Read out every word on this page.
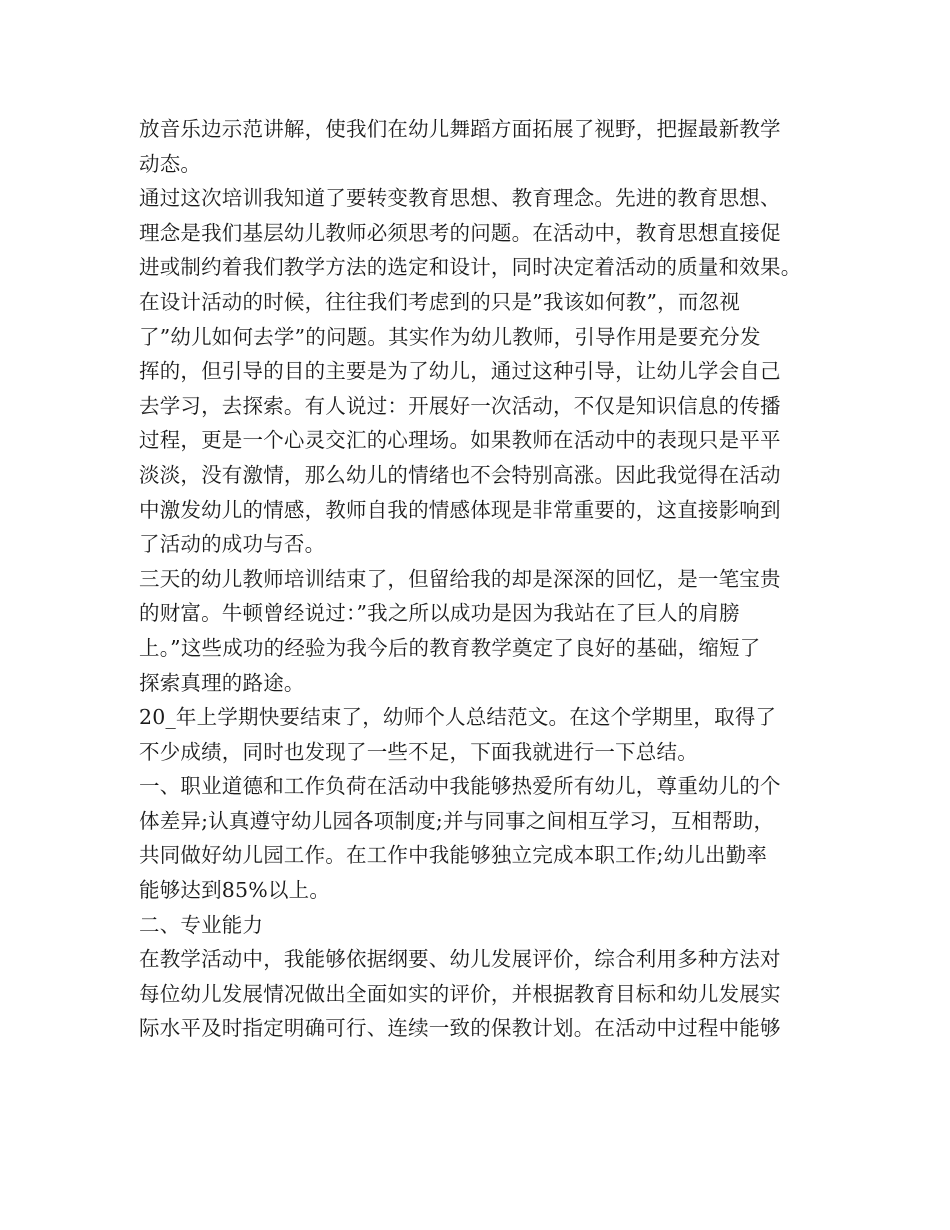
放音乐边示范讲解，使我们在幼儿舞蹈方面拓展了视野，把握最新教学
动态。
通过这次培训我知道了要转变教育思想、教育理念。先进的教育思想、
理念是我们基层幼儿教师必须思考的问题。在活动中，教育思想直接促
进或制约着我们教学方法的选定和设计，同时决定着活动的质量和效果。
在设计活动的时候，往往我们考虑到的只是”我该如何教”，而忽视
了”幼儿如何去学”的问题。其实作为幼儿教师，引导作用是要充分发
挥的，但引导的目的主要是为了幼儿，通过这种引导，让幼儿学会自己
去学习，去探索。有人说过：开展好一次活动，不仅是知识信息的传播
过程，更是一个心灵交汇的心理场。如果教师在活动中的表现只是平平
淡淡，没有激情，那么幼儿的情绪也不会特别高涨。因此我觉得在活动
中激发幼儿的情感，教师自我的情感体现是非常重要的，这直接影响到
了活动的成功与否。
三天的幼儿教师培训结束了，但留给我的却是深深的回忆，是一笔宝贵
的财富。牛顿曾经说过：”我之所以成功是因为我站在了巨人的肩膀
上。”这些成功的经验为我今后的教育教学奠定了良好的基础，缩短了
探索真理的路途。
20_年上学期快要结束了，幼师个人总结范文。在这个学期里，取得了
不少成绩，同时也发现了一些不足，下面我就进行一下总结。
一、职业道德和工作负荷在活动中我能够热爱所有幼儿，尊重幼儿的个
体差异;认真遵守幼儿园各项制度;并与同事之间相互学习，互相帮助，
共同做好幼儿园工作。在工作中我能够独立完成本职工作;幼儿出勤率
能够达到85%以上。
二、专业能力
在教学活动中，我能够依据纲要、幼儿发展评价，综合利用多种方法对
每位幼儿发展情况做出全面如实的评价，并根据教育目标和幼儿发展实
际水平及时指定明确可行、连续一致的保教计划。在活动中过程中能够
